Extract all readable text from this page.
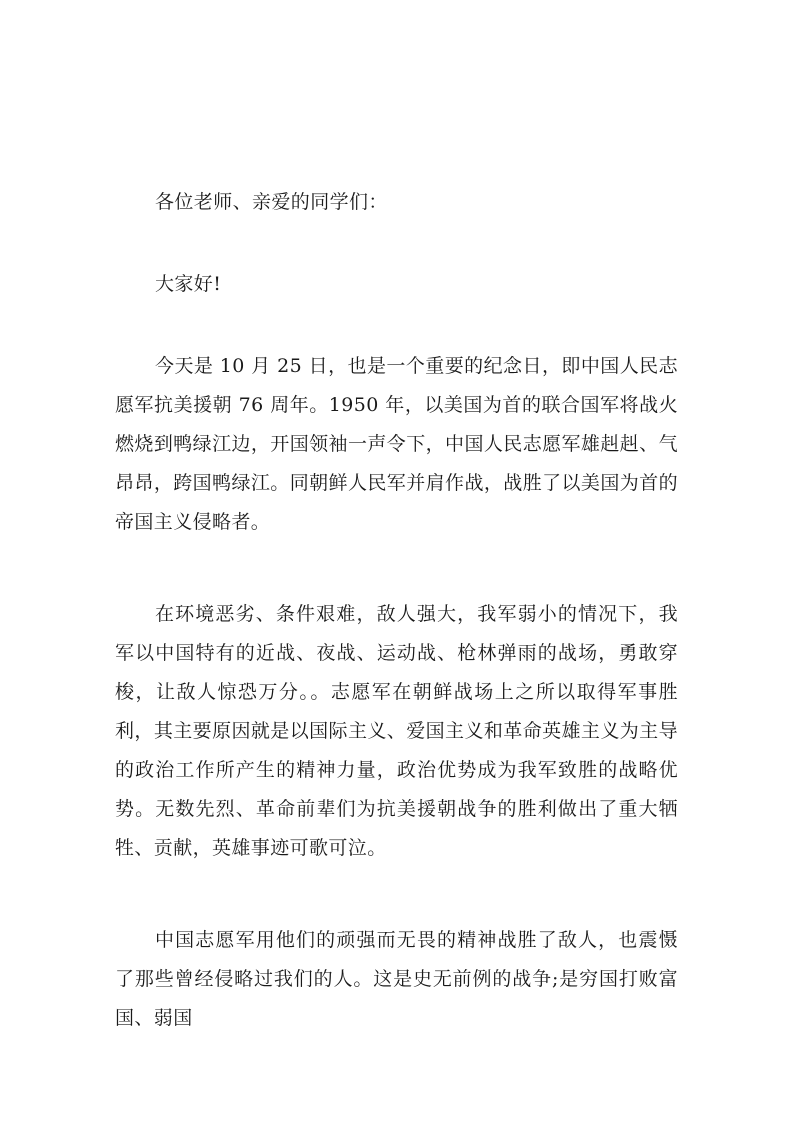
各位老师、亲爱的同学们：

大家好!

今天是 10 月 25 日，也是一个重要的纪念日，即中国人民志愿军抗美援朝 76 周年。1950 年，以美国为首的联合国军将战火燃烧到鸭绿江边，开国领袖一声令下，中国人民志愿军雄赳赳、气昂昂，跨国鸭绿江。同朝鲜人民军并肩作战，战胜了以美国为首的帝国主义侵略者。

在环境恶劣、条件艰难，敌人强大，我军弱小的情况下，我军以中国特有的近战、夜战、运动战、枪林弹雨的战场，勇敢穿梭，让敌人惊恐万分。。志愿军在朝鲜战场上之所以取得军事胜利，其主要原因就是以国际主义、爱国主义和革命英雄主义为主导的政治工作所产生的精神力量，政治优势成为我军致胜的战略优势。无数先烈、革命前辈们为抗美援朝战争的胜利做出了重大牺牲、贡献，英雄事迹可歌可泣。

中国志愿军用他们的顽强而无畏的精神战胜了敌人，也震慑了那些曾经侵略过我们的人。这是史无前例的战争;是穷国打败富国、弱国
